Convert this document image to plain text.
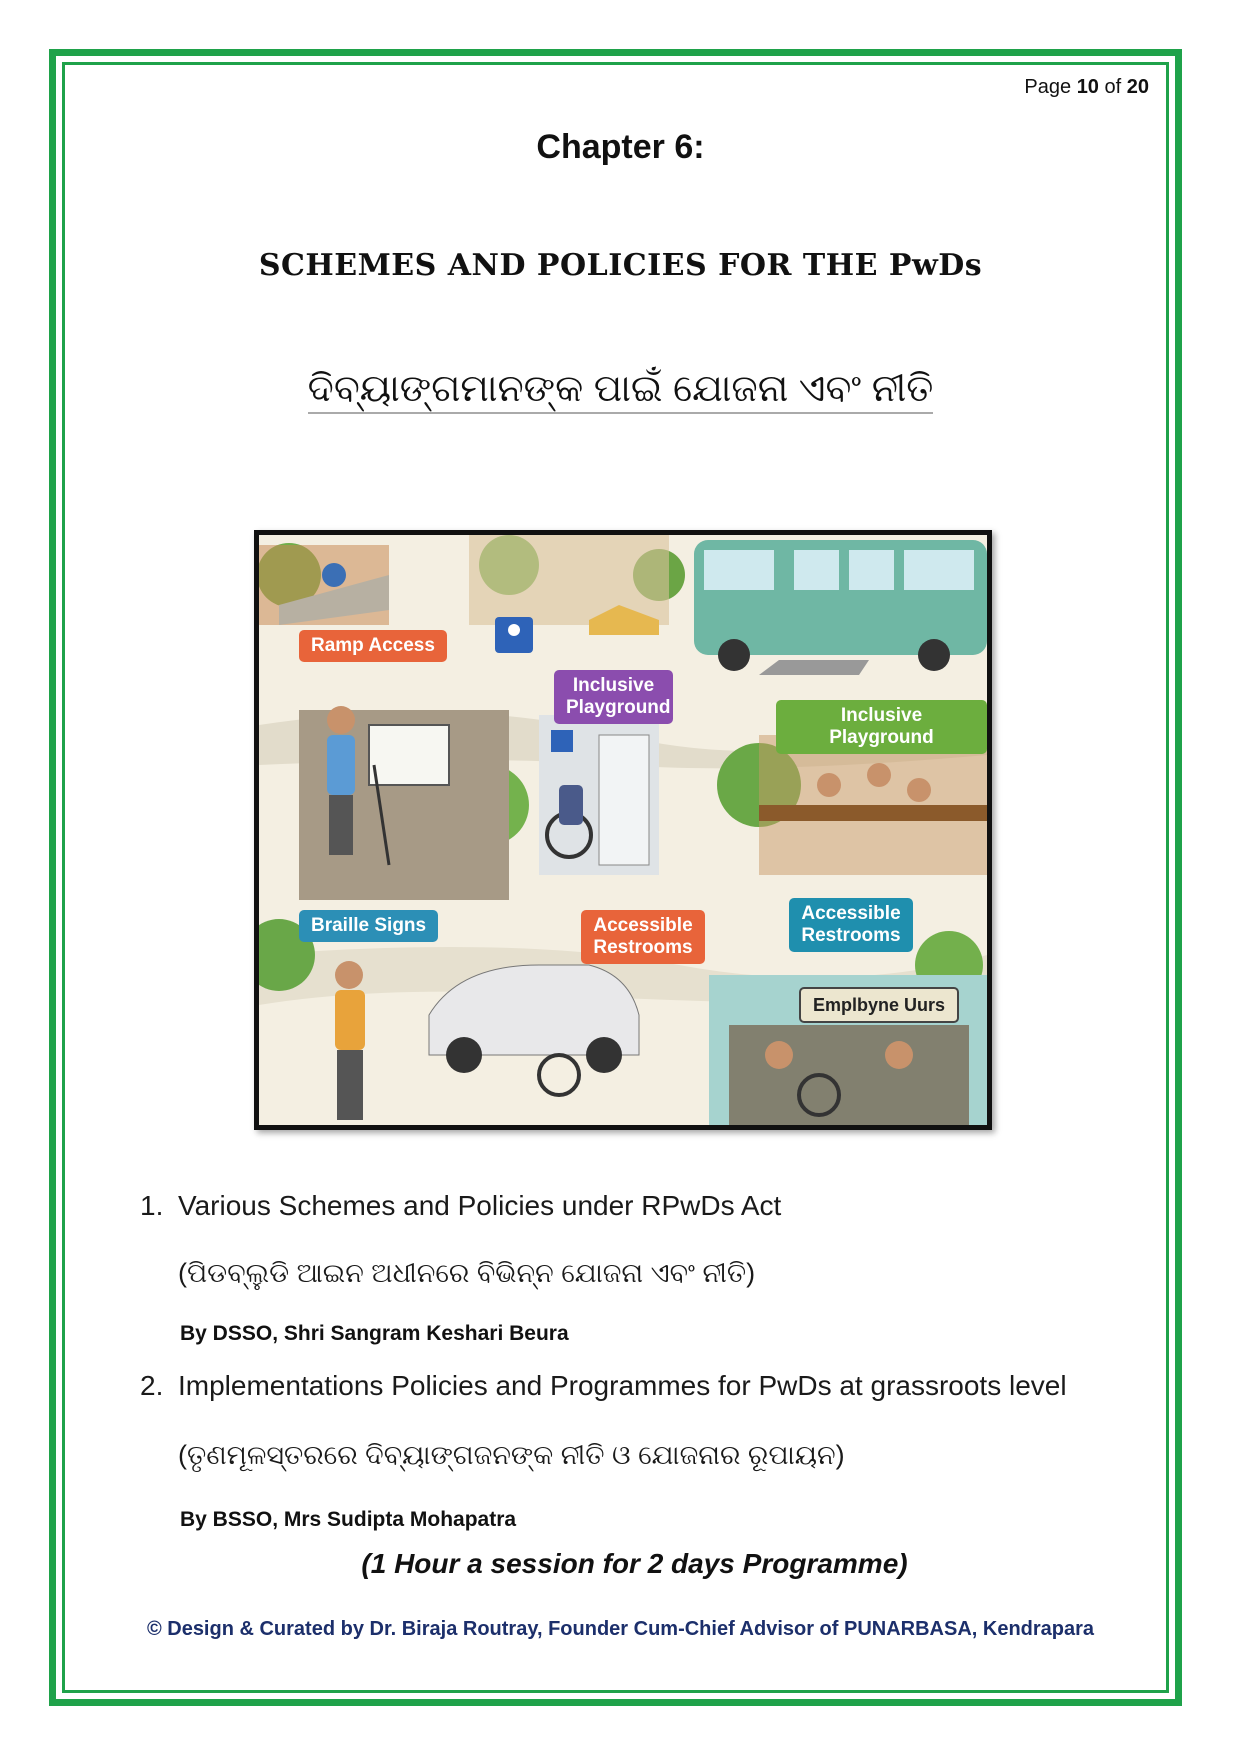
Page 10 of 20
Chapter 6:
SCHEMES AND POLICIES FOR THE PwDs
ଦିବ୍ୟାଙ୍ଗମାନଙ୍କ ପାଇଁ ଯୋଜନା ଏବଂ ନୀତି
Ramp Access
Inclusive Playground	Inclusive Playground
Braille Signs	Accessible Restrooms
Accessible Restrooms
Emplbyne Uurs
1. Various Schemes and Policies under RPwDs Act
(ପିଡବ୍ଲୁଡି ଆଇନ ଅଧୀନରେ ବିଭିନ୍ନ ଯୋଜନା ଏବଂ ନୀତି)
By DSSO, Shri Sangram Keshari Beura
2. Implementations Policies and Programmes for PwDs at grassroots level
(ତୃଣମୂଳସ୍ତରରେ ଦିବ୍ୟାଙ୍ଗଜନଙ୍କ ନୀତି ଓ ଯୋଜନାର ରୂପାୟନ)
By BSSO, Mrs Sudipta Mohapatra
(1 Hour a session for 2 days Programme)
© Design & Curated by Dr. Biraja Routray, Founder Cum-Chief Advisor of PUNARBASA, Kendrapara
